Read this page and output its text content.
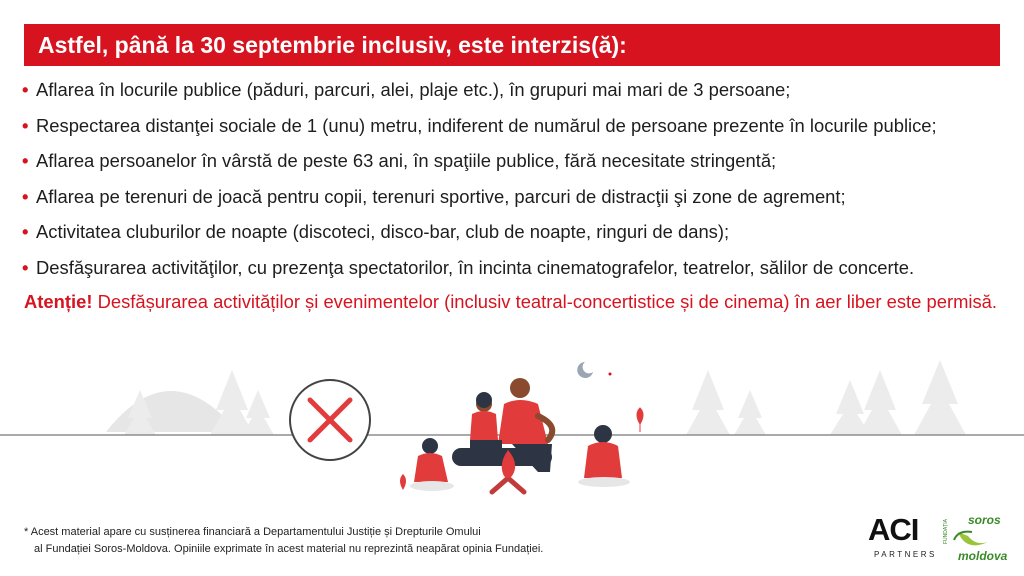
Astfel, până la 30 septembrie inclusiv, este interzis(ă):
• Aflarea în locurile publice (păduri, parcuri, alei, plaje etc.), în grupuri mai mari de 3 persoane;
• Respectarea distanţei sociale de 1 (unu) metru, indiferent de numărul de persoane prezente în locurile publice;
• Aflarea persoanelor în vârstă de peste 63 ani, în spaţiile publice, fără necesitate stringentă;
• Aflarea pe terenuri de joacă pentru copii, terenuri sportive, parcuri de distracţii şi zone de agrement;
• Activitatea cluburilor de noapte (discoteci, disco-bar, club de noapte, ringuri de dans);
• Desfăşurarea activităţilor, cu prezenţa spectatorilor, în incinta cinematografelor, teatrelor, sălilor de concerte.
Atenție! Desfășurarea activităților și evenimentelor (inclusiv teatral-concertistice și de cinema) în aer liber este permisă.
* Acest material apare cu susținerea financiară a Departamentului Justiție și Drepturile Omului
al Fundației Soros-Moldova. Opiniile exprimate în acest material nu reprezintă neapărat opinia Fundației.
ACI
PARTNERS
FUNDAȚIA soros
moldova
